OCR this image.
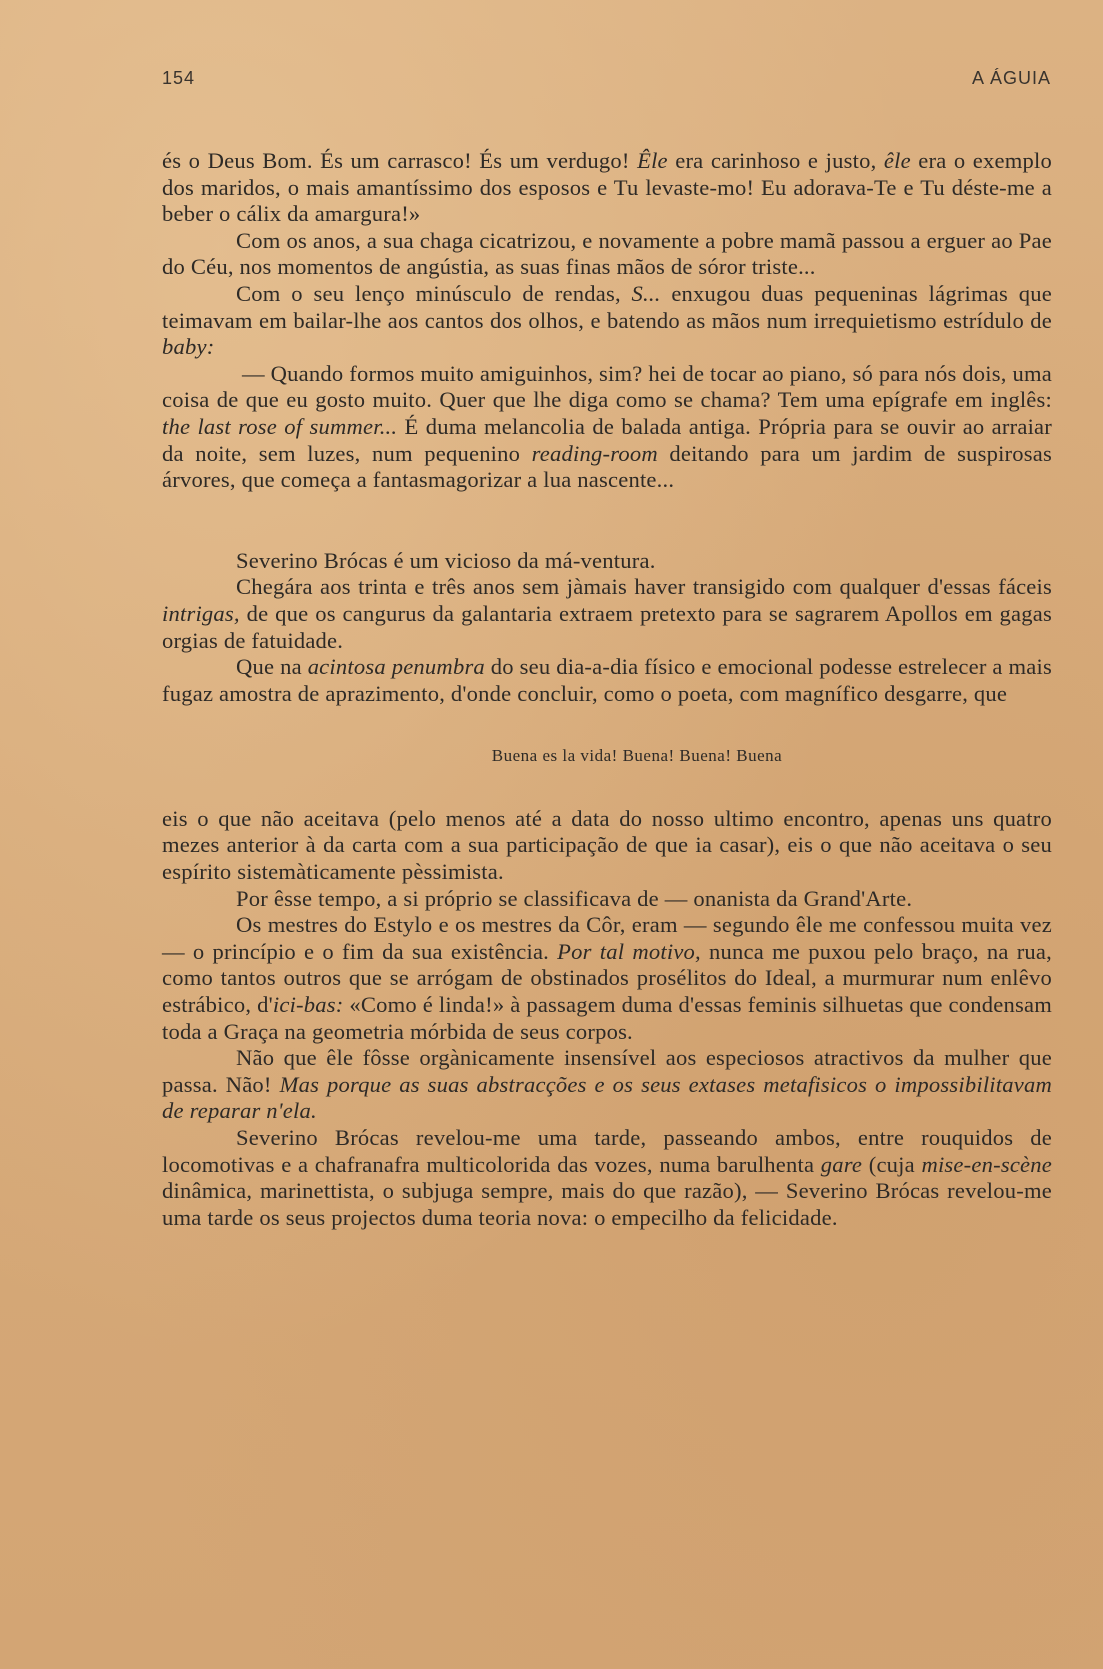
154	A ÁGUIA

és o Deus Bom. És um carrasco! És um verdugo! Êle era carinhoso e justo, êle era o exemplo dos maridos, o mais amantíssimo dos esposos e Tu levaste-mo! Eu adorava-Te e Tu déste-me a beber o cálix da amargura!»

Com os anos, a sua chaga cicatrizou, e novamente a pobre mamã passou a erguer ao Pae do Céu, nos momentos de angústia, as suas finas mãos de sóror triste...

Com o seu lenço minúsculo de rendas, S... enxugou duas pequeninas lágrimas que teimavam em bailar-lhe aos cantos dos olhos, e batendo as mãos num irrequietismo estrídulo de baby:

— Quando formos muito amiguinhos, sim? hei de tocar ao piano, só para nós dois, uma coisa de que eu gosto muito. Quer que lhe diga como se chama? Tem uma epígrafe em inglês: the last rose of summer... É duma melancolia de balada antiga. Própria para se ouvir ao arraiar da noite, sem luzes, num pequenino reading-room deitando para um jardim de suspirosas árvores, que começa a fantasmagorizar a lua nascente...

Severino Brócas é um vicioso da má-ventura.

Chegára aos trinta e três anos sem jàmais haver transigido com qualquer d'essas fáceis intrigas, de que os cangurus da galantaria extraem pretexto para se sagrarem Apollos em gagas orgias de fatuidade.

Que na acintosa penumbra do seu dia-a-dia físico e emocional podesse estrelecer a mais fugaz amostra de aprazimento, d'onde concluir, como o poeta, com magnífico desgarre, que

Buena es la vida! Buena! Buena! Buena

eis o que não aceitava (pelo menos até a data do nosso ultimo encontro, apenas uns quatro mezes anterior à da carta com a sua participação de que ia casar), eis o que não aceitava o seu espírito sistemàticamente pèssimista.

Por êsse tempo, a si próprio se classificava de — onanista da Grand'Arte.

Os mestres do Estylo e os mestres da Côr, eram — segundo êle me confessou muita vez — o princípio e o fim da sua existência. Por tal motivo, nunca me puxou pelo braço, na rua, como tantos outros que se arrógam de obstinados prosélitos do Ideal, a murmurar num enlêvo estrábico, d'ici-bas: «Como é linda!» à passagem duma d'essas feminis silhuetas que condensam toda a Graça na geometria mórbida de seus corpos.

Não que êle fôsse orgànicamente insensível aos especiosos atractivos da mulher que passa. Não! Mas porque as suas abstracções e os seus extases metafisicos o impossibilitavam de reparar n'ela.

Severino Brócas revelou-me uma tarde, passeando ambos, entre rouquidos de locomotivas e a chafranafra multicolorida das vozes, numa barulhenta gare (cuja mise-en-scène dinâmica, marinettista, o subjuga sempre, mais do que razão), — Severino Brócas revelou-me uma tarde os seus projectos duma teoria nova: o empecilho da felicidade.
